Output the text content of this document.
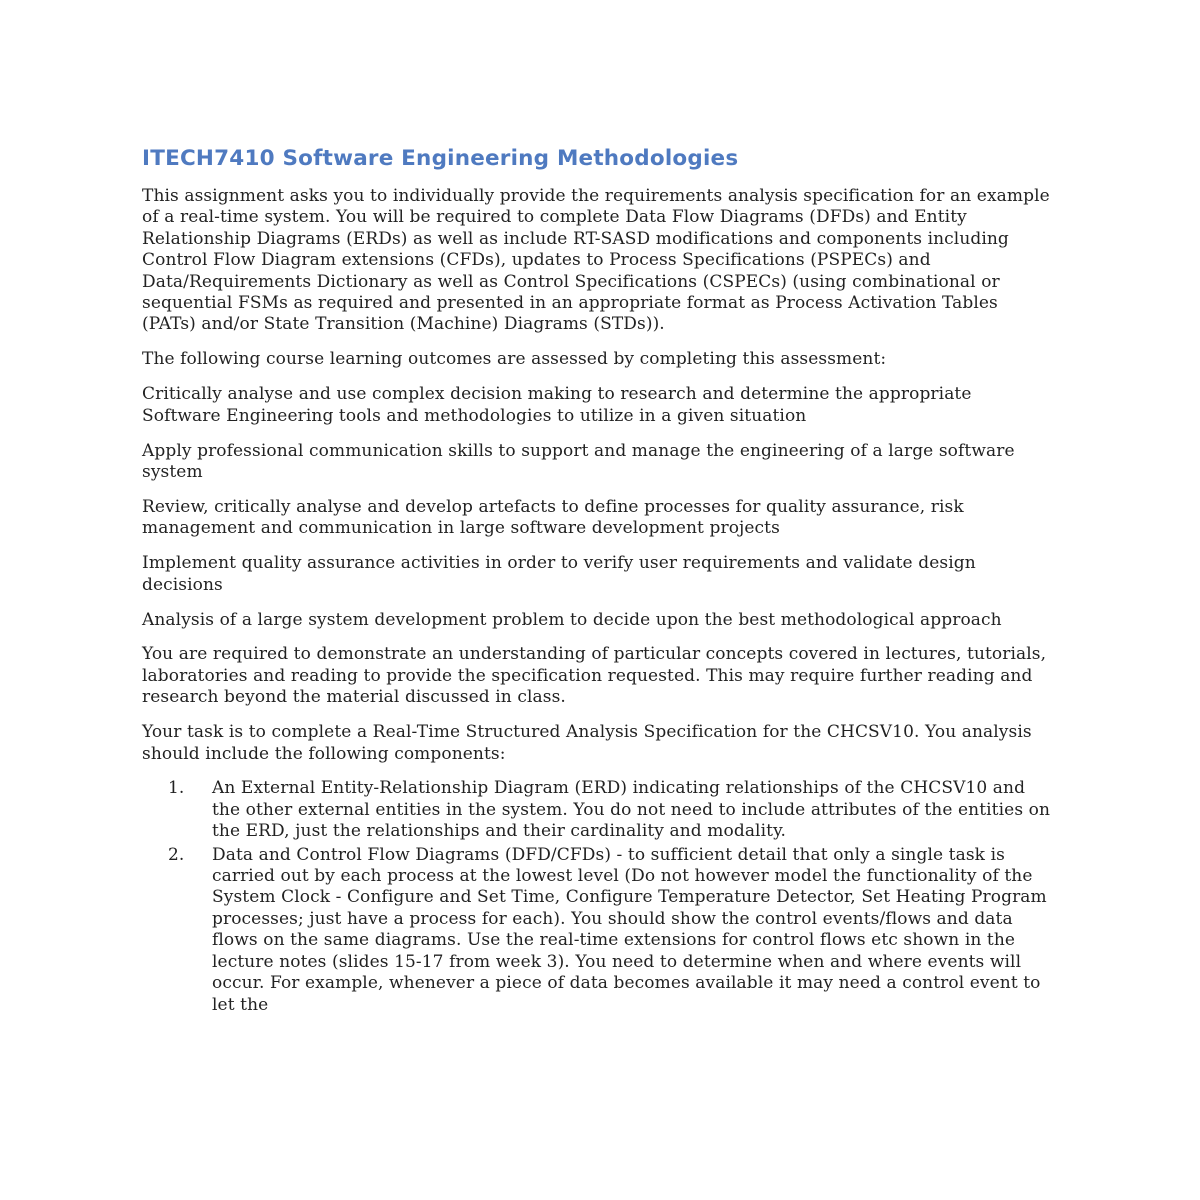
ITECH7410 Software Engineering Methodologies

This assignment asks you to individually provide the requirements analysis specification for an example of a real-time system. You will be required to complete Data Flow Diagrams (DFDs) and Entity Relationship Diagrams (ERDs) as well as include RT-SASD modifications and components including Control Flow Diagram extensions (CFDs), updates to Process Specifications (PSPECs) and Data/Requirements Dictionary as well as Control Specifications (CSPECs) (using combinational or sequential FSMs as required and presented in an appropriate format as Process Activation Tables (PATs) and/or State Transition (Machine) Diagrams (STDs)).

The following course learning outcomes are assessed by completing this assessment:

Critically analyse and use complex decision making to research and determine the appropriate Software Engineering tools and methodologies to utilize in a given situation

Apply professional communication skills to support and manage the engineering of a large software system

Review, critically analyse and develop artefacts to define processes for quality assurance, risk management and communication in large software development projects

Implement quality assurance activities in order to verify user requirements and validate design decisions

Analysis of a large system development problem to decide upon the best methodological approach

You are required to demonstrate an understanding of particular concepts covered in lectures, tutorials, laboratories and reading to provide the specification requested. This may require further reading and research beyond the material discussed in class.

Your task is to complete a Real-Time Structured Analysis Specification for the CHCSV10. You analysis should include the following components:

1. An External Entity-Relationship Diagram (ERD) indicating relationships of the CHCSV10 and the other external entities in the system. You do not need to include attributes of the entities on the ERD, just the relationships and their cardinality and modality.
2. Data and Control Flow Diagrams (DFD/CFDs) - to sufficient detail that only a single task is carried out by each process at the lowest level (Do not however model the functionality of the System Clock - Configure and Set Time, Configure Temperature Detector, Set Heating Program processes; just have a process for each). You should show the control events/flows and data flows on the same diagrams. Use the real-time extensions for control flows etc shown in the lecture notes (slides 15-17 from week 3). You need to determine when and where events will occur. For example, whenever a piece of data becomes available it may need a control event to let the
